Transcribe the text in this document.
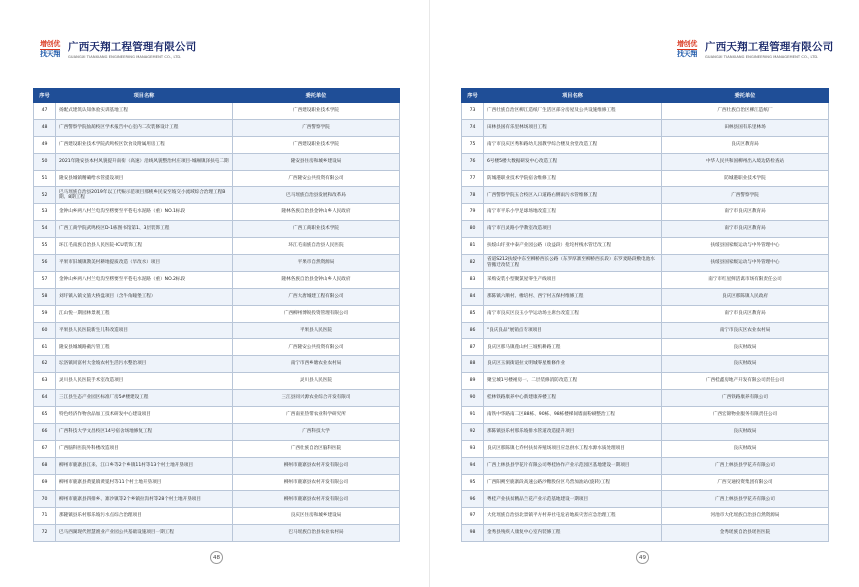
增创优
找天翔
广西天翔工程管理有限公司
GUANGXI TIANXIANG ENGINEERING MANAGEMENT CO., LTD.
序号	项目名称	委托单位
47	扬配式建筑认知体验实训基地工程	广西建设职业技术学院
48	广西警察学院仙葫校区学术报告中心室内二次装修设计工程	广西警察学院
49	广西建设职业技术学院武鸣校区饮食及附属用房工程	广西建设职业技术学院
50	2021年隆安县本村风貌提升南衔（高速）沿线风貌整治村庄项目-城厢镇泽扶屯二期	隆安县住房和城乡建设局
51	隆安县城镇精确给水管提设项目	广西隆安公共投资有限公司
52	巴马瑶族自治县2019年以工代赈示范项目那桃乡民安至坡交小流域综合治理工程B期、8期工程	巴马瑶族自治县发展和改革局
53	金钟山乡两八村兰电沟至楞要至平巷屯水泥路（重）NO.1标段	隆林各族自治县金钟山乡人民政府
54	广西工商学院武鸣校区D-1栋图书馆第1、3层装饰工程	广西工商职业技术学院
55	环江毛南族自治县人民医院-ICU装饰工程	环江毛南族自治县人民医院
56	平果市旧城镇教美村耕地提质改造（旱改水）项目	平果市自然资源局
57	金钟山乡两八村兰电沟至楞要至平巷屯水泥路（重）NO.2标段	隆林各族自治县金钟山乡人民政府
58	刘圩镇入镇文旅大桥盘项目（含牛角瞳堡工程）	广西大唐城建工程有限公司
59	江山悦一期园林景观工程	广西柳州博锐投资管理有限公司
60	平果县人民医院新生儿科改造项目	平果县人民医院
61	隆安县城城路截污管工程	广西隆安公共投资有限公司
62	坛洛镇同富村大金坡农村生活污水整治项目	南宁市西乡塘农业农村局
63	灵川县人民医院手术室改造项目	灵川县人民医院
64	三江县生态产业园区标准厂房5#楼建设工程	三江县同兴源农业综合开发有限司
65	特色经济作物食品加工技术研发中心建设项目	广西南亚热带农业科学研究所
66	广西科技大学文昌校区14号宿舍场地修复工程	广西科技大学
67	广西脑科医院外科楼改造项目	广西壮族自治区脑科医院
68	柳州市鹿寨县江来、江口乡等2个乡镇11村等13个村土地开垦项目	柳州市鹿寨县农村开发有限公司
69	柳州市鹿寨县黄冕镇黄冕村等11个村土地开垦项目	柳州市鹿寨县农村开发有限公司
70	柳州市鹿寨县四排乡、寨沙镇等2个乡镇拉沟村等28个村土地开垦项目	柳州市鹿寨县农村开发有限公司
71	那隆镇县乐村那乐坡污水点综合治理项目	良庆区住房和城乡建设局
72	巴马西湖现代智慧渔业产业园公共基础设施项目一期工程	巴马瑶族自治县农业农村局
48
增创优
找天翔
广西天翔工程管理有限公司
GUANGXI TIANXIANG ENGINEERING MANAGEMENT CO., LTD.
序号	项目名称	委托单位
73	广西壮族自治区柳江造纸厂生活区部分房屋及公共设施维修工程	广西壮族自治区柳江造纸厂
74	田林县国有乐里林场项目工程	田林县国有乐里林场
75	南宁市良庆区秀和路幼儿园教学综合楼及食堂改造工程	良庆区教育局
76	6号楼5楼大数据研发中心改造工程	中华人民共和国柳州出入境边防检查站
77	防城港职业技术学院宿舍维修工程	防城港职业技术学院
78	广西警察学院五合校区入口道路右侧雨污水管维修工程	广西警察学院
79	南宁市平乐小学足球场地改造工程	南宁市良庆区教育局
80	南宁市百灵路小学教室改造项目	南宁市良庆区教育局
81	扶绥山圩亚中泰产业园公路（攻益段）抢坨村栈水管迁改工程	扶绥县国家级运动与中外管理中心
82	省道S212扶绥中东至柳桥西长公路（东罗厚寨至柳桥西长段）东罗麦路段敷电池水管搬迁改装工程	扶绥县国家级运动与中外管理中心
83	采购安装小型聚氯屋零生产线项目	南宁市红星鲜活禽市场有限责任公司
84	那陈镇六顺村、橡培村、西宁村五保村维修工程	良庆区那陈镇人民政府
85	南宁市良庆区良玉小学运动场主席台改造工程	南宁市良庆区教育局
86	"良庆良品"展销点专项项目	南宁市良庆区农业农村局
87	良庆区那马镇莲山村三坡机耕路工程	良庆财政局
88	良庆区玉洞街道拉文明城零星维修作业	良庆财政局
89	聚宝城1号楼裙房一、二层装修消防改造工程	广西桂鑫房地产开发有限公司责任公司
90	桂林铁路康养中心新建康养楼工程	广西铁路康养有限公司
91	南铁中华路南二区88栋、90栋、98栋楼梯间墙面粉刷整治工程	广西宏锦物业服务有限责任公司
92	那陈镇县乐村那乐坡排水管道改造提升项目	良庆财政局
93	良庆区那陈镇七乔村扶贫养殖场项目应急供水工程水源水质处理项目	良庆财政局
94	广西上林县县学花片有限公司粤桂协作产业示范园区基地建设一期项目	广西上林县县学花卉有限公司
95	广西阳朔至鹿寨段高速公路沙糖股份区乌营加油站(旋转)工程	广西交通投资集团有限公司
96	粤桂产业扶贫精品兰花产业示范基地建设一期项目	广西上林县县学花卉有限公司
97	大化瑶族自治县北景镇平方村养社屯危岩地质灾害应急治理工程	河池市大化瑶族自治县自然资源局
98	金秀县残疾人康复中心室内装修工程	金秀瑶族自治县瑶医医院
49
